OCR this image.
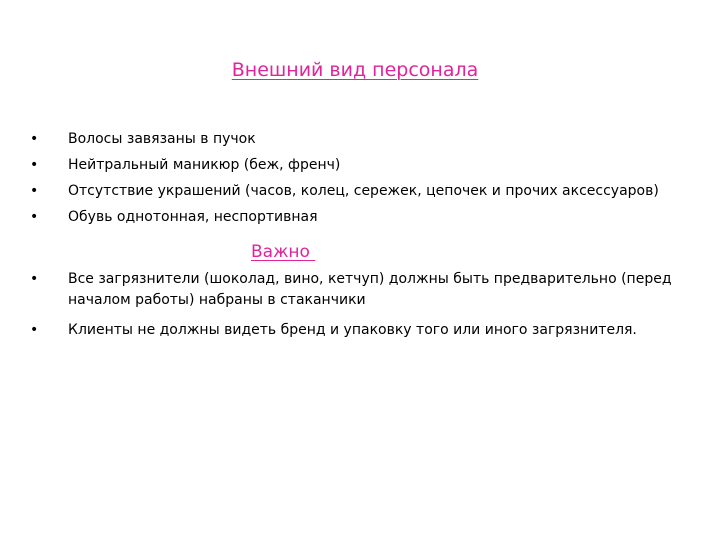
Внешний вид персонала
•	Волосы завязаны в пучок
•	Нейтральный маникюр (беж, френч)
•	Отсутствие украшений (часов, колец, сережек, цепочек и прочих аксессуаров)
•	Обувь однотонная, неспортивная
Важно
•	Все загрязнители (шоколад, вино, кетчуп) должны быть предварительно (перед началом работы) набраны в стаканчики
•	Клиенты не должны видеть бренд и упаковку того или иного загрязнителя.
